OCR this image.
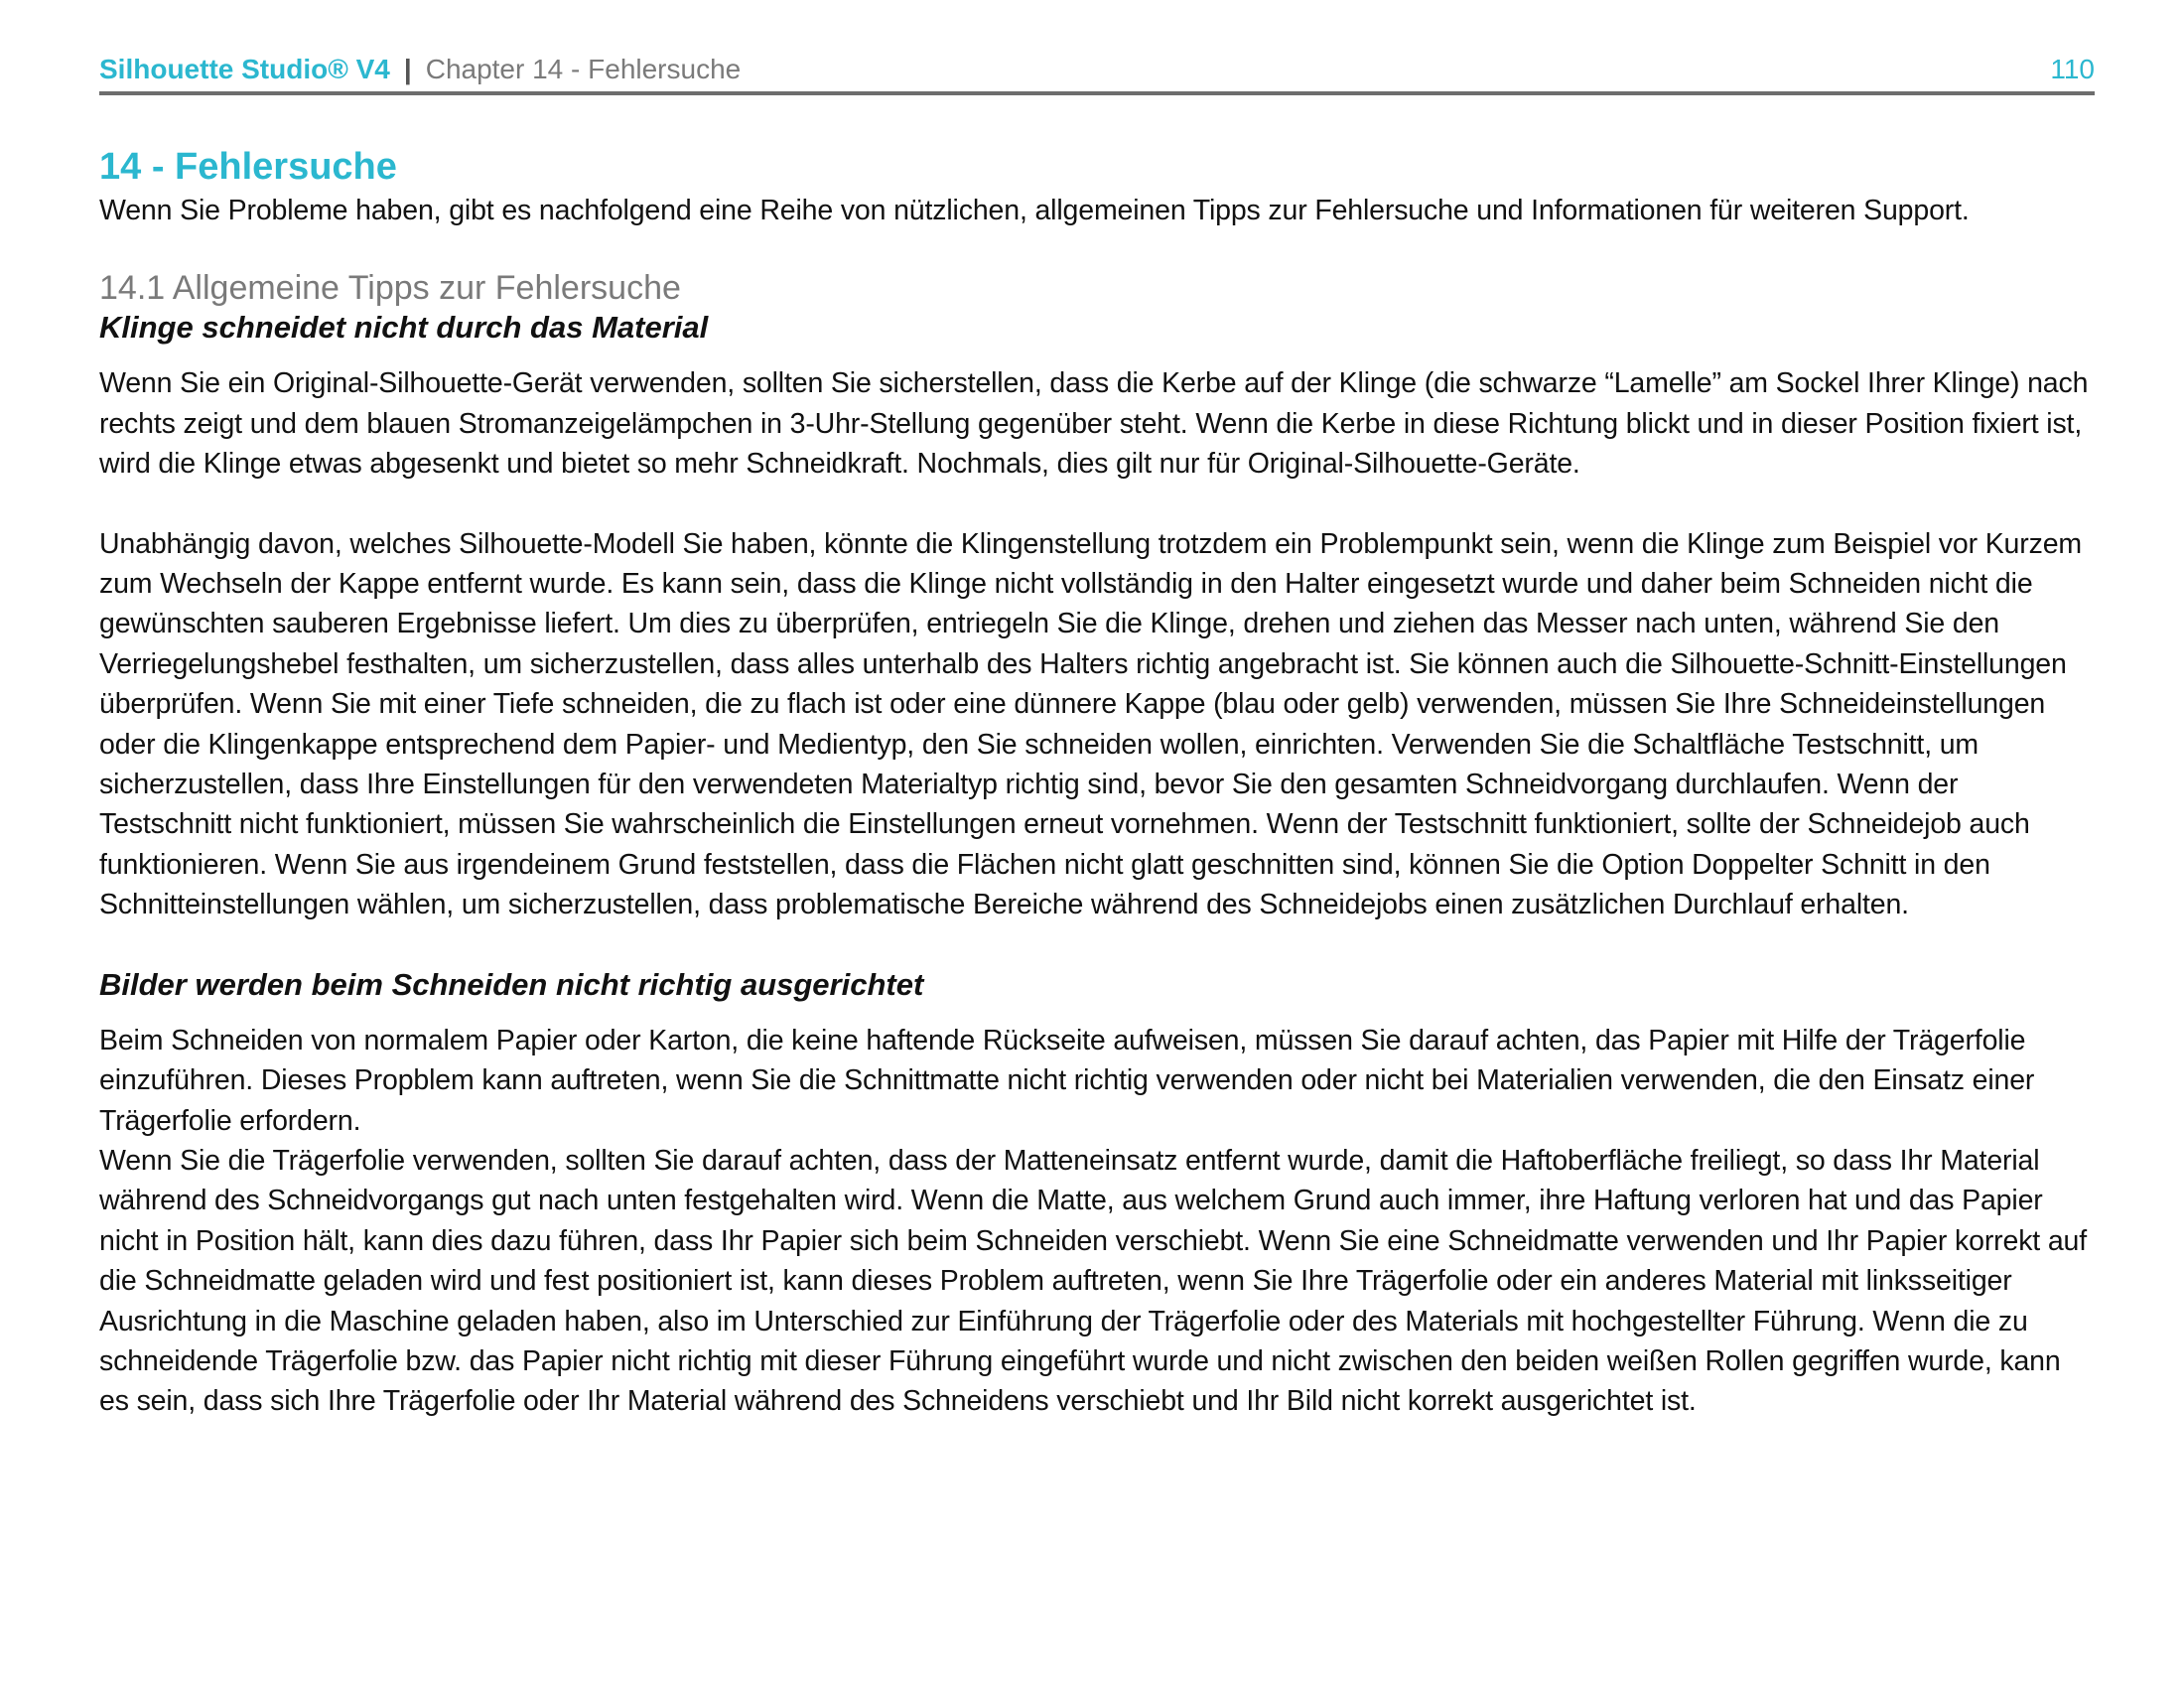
Silhouette Studio® V4 | Chapter 14 - Fehlersuche	110
14 - Fehlersuche

Wenn Sie Probleme haben, gibt es nachfolgend eine Reihe von nützlichen, allgemeinen Tipps zur Fehlersuche und Informationen für weiteren Support.

14.1 Allgemeine Tipps zur Fehlersuche
Klinge schneidet nicht durch das Material

Wenn Sie ein Original-Silhouette-Gerät verwenden, sollten Sie sicherstellen, dass die Kerbe auf der Klinge (die schwarze “Lamelle” am Sockel Ihrer Klinge) nach rechts zeigt und dem blauen Stromanzeigelämpchen in 3-Uhr-Stellung gegenüber steht. Wenn die Kerbe in diese Richtung blickt und in dieser Position fixiert ist, wird die Klinge etwas abgesenkt und bietet so mehr Schneidkraft. Nochmals, dies gilt nur für Original-Silhouette-Geräte.

Unabhängig davon, welches Silhouette-Modell Sie haben, könnte die Klingenstellung trotzdem ein Problempunkt sein, wenn die Klinge zum Beispiel vor Kurzem zum Wechseln der Kappe entfernt wurde. Es kann sein, dass die Klinge nicht vollständig in den Halter eingesetzt wurde und daher beim Schneiden nicht die gewünschten sauberen Ergebnisse liefert. Um dies zu überprüfen, entriegeln Sie die Klinge, drehen und ziehen das Messer nach unten, während Sie den Verriegelungshebel festhalten, um sicherzustellen, dass alles unterhalb des Halters richtig angebracht ist. Sie können auch die Silhouette-Schnitt-Einstellungen überprüfen. Wenn Sie mit einer Tiefe schneiden, die zu flach ist oder eine dünnere Kappe (blau oder gelb) verwenden, müssen Sie Ihre Schneideinstellungen oder die Klingenkappe entsprechend dem Papier- und Medientyp, den Sie schneiden wollen, einrichten. Verwenden Sie die Schaltfläche Testschnitt, um sicherzustellen, dass Ihre Einstellungen für den verwendeten Materialtyp richtig sind, bevor Sie den gesamten Schneidvorgang durchlaufen. Wenn der Testschnitt nicht funktioniert, müssen Sie wahrscheinlich die Einstellungen erneut vornehmen. Wenn der Testschnitt funktioniert, sollte der Schneidejob auch funktionieren. Wenn Sie aus irgendeinem Grund feststellen, dass die Flächen nicht glatt geschnitten sind, können Sie die Option Doppelter Schnitt in den Schnitteinstellungen wählen, um sicherzustellen, dass problematische Bereiche während des Schneidejobs einen zusätzlichen Durchlauf erhalten.

Bilder werden beim Schneiden nicht richtig ausgerichtet

Beim Schneiden von normalem Papier oder Karton, die keine haftende Rückseite aufweisen, müssen Sie darauf achten, das Papier mit Hilfe der Trägerfolie einzuführen. Dieses Propblem kann auftreten, wenn Sie die Schnittmatte nicht richtig verwenden oder nicht bei Materialien verwenden, die den Einsatz einer Trägerfolie erfordern.

Wenn Sie die Trägerfolie verwenden, sollten Sie darauf achten, dass der Matteneinsatz entfernt wurde, damit die Haftoberfläche freiliegt, so dass Ihr Material während des Schneidvorgangs gut nach unten festgehalten wird. Wenn die Matte, aus welchem Grund auch immer, ihre Haftung verloren hat und das Papier nicht in Position hält, kann dies dazu führen, dass Ihr Papier sich beim Schneiden verschiebt. Wenn Sie eine Schneidmatte verwenden und Ihr Papier korrekt auf die Schneidmatte geladen wird und fest positioniert ist, kann dieses Problem auftreten, wenn Sie Ihre Trägerfolie oder ein anderes Material mit linksseitiger Ausrichtung in die Maschine geladen haben, also im Unterschied zur Einführung der Trägerfolie oder des Materials mit hochgestellter Führung. Wenn die zu schneidende Trägerfolie bzw. das Papier nicht richtig mit dieser Führung eingeführt wurde und nicht zwischen den beiden weißen Rollen gegriffen wurde, kann es sein, dass sich Ihre Trägerfolie oder Ihr Material während des Schneidens verschiebt und Ihr Bild nicht korrekt ausgerichtet ist.
